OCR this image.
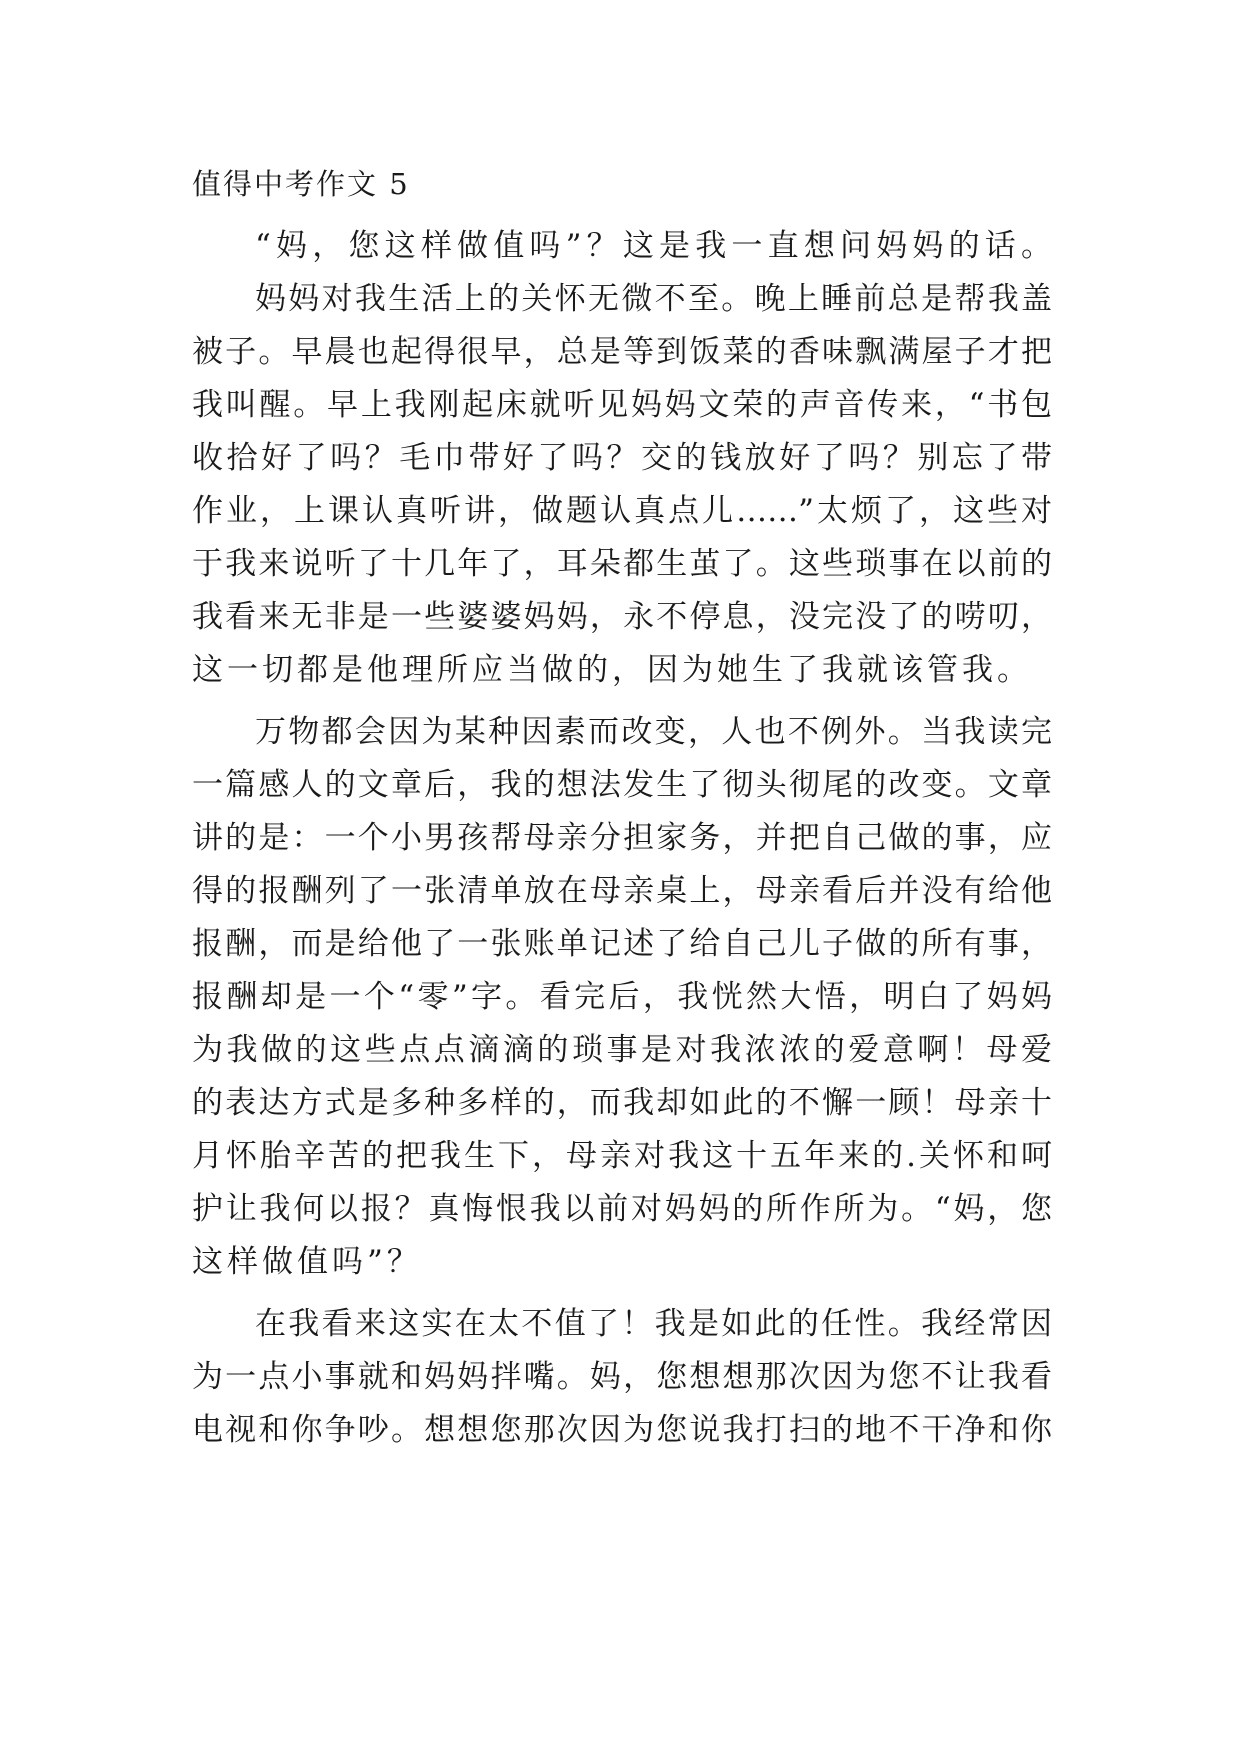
值得中考作文 5
“妈，您这样做值吗”？这是我一直想问妈妈的话。
妈妈对我生活上的关怀无微不至。晚上睡前总是帮我盖
被子。早晨也起得很早，总是等到饭菜的香味飘满屋子才把
我叫醒。早上我刚起床就听见妈妈文荣的声音传来，“书包
收拾好了吗？毛巾带好了吗？交的钱放好了吗？别忘了带
作业，上课认真听讲，做题认真点儿……”太烦了，这些对
于我来说听了十几年了，耳朵都生茧了。这些琐事在以前的
我看来无非是一些婆婆妈妈，永不停息，没完没了的唠叨，
这一切都是他理所应当做的，因为她生了我就该管我。
万物都会因为某种因素而改变，人也不例外。当我读完
一篇感人的文章后，我的想法发生了彻头彻尾的改变。文章
讲的是：一个小男孩帮母亲分担家务，并把自己做的事，应
得的报酬列了一张清单放在母亲桌上，母亲看后并没有给他
报酬，而是给他了一张账单记述了给自己儿子做的所有事，
报酬却是一个“零”字。看完后，我恍然大悟，明白了妈妈
为我做的这些点点滴滴的琐事是对我浓浓的爱意啊！母爱
的表达方式是多种多样的，而我却如此的不懈一顾！母亲十
月怀胎辛苦的把我生下，母亲对我这十五年来的.关怀和呵
护让我何以报？真悔恨我以前对妈妈的所作所为。“妈，您
这样做值吗”？
在我看来这实在太不值了！我是如此的任性。我经常因
为一点小事就和妈妈拌嘴。妈，您想想那次因为您不让我看
电视和你争吵。想想您那次因为您说我打扫的地不干净和你
